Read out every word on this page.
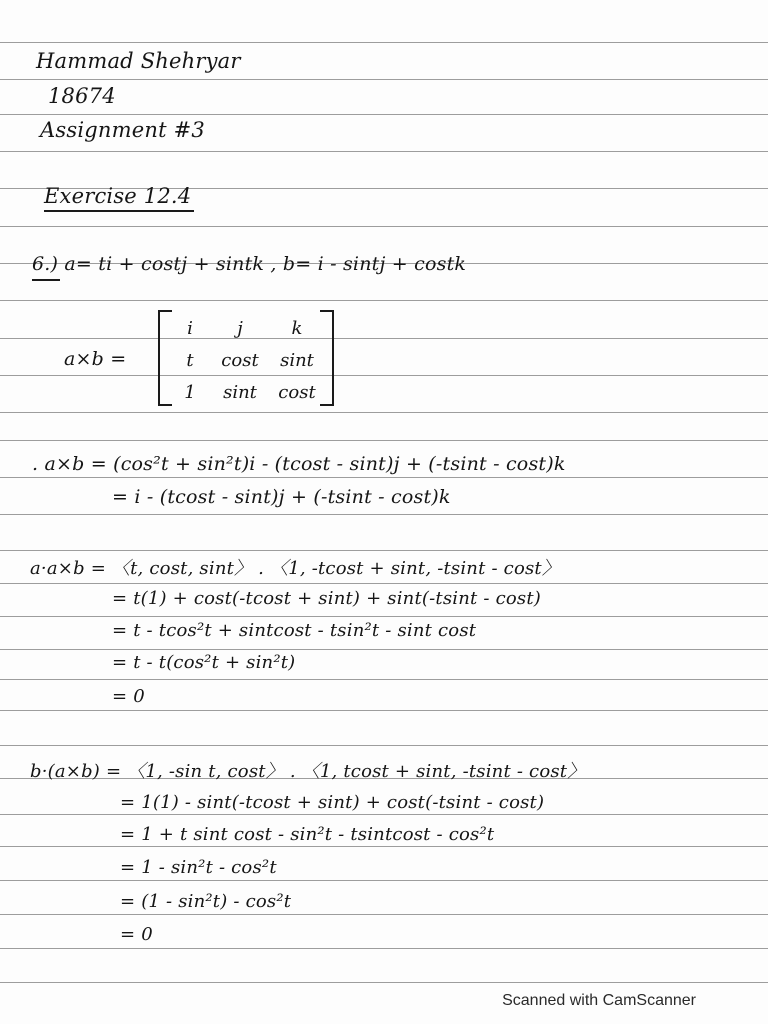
Hammad Shehryar
18674
Assignment #3
Exercise 12.4
6.) a= ti + costj + sintk , b= i - sintj + costk
a×b =
i	j	k
t	cost	sint
1	sint	cost
. a×b = (cos²t + sin²t)i - (tcost - sint)j + (-tsint - cost)k
= i - (tcost - sint)j + (-tsint - cost)k
a·a×b = 〈t, cost, sint〉 . 〈1, -tcost + sint, -tsint - cost〉
= t(1) + cost(-tcost + sint) + sint(-tsint - cost)
= t - tcos²t + sintcost - tsin²t - sint cost
= t - t(cos²t + sin²t)
= 0
b·(a×b) = 〈1, -sin t, cost〉 . 〈1, tcost + sint, -tsint - cost〉
= 1(1) - sint(-tcost + sint) + cost(-tsint - cost)
= 1 + t sint cost - sin²t - tsintcost - cos²t
= 1 - sin²t - cos²t
= (1 - sin²t) - cos²t
= 0
Scanned with CamScanner
